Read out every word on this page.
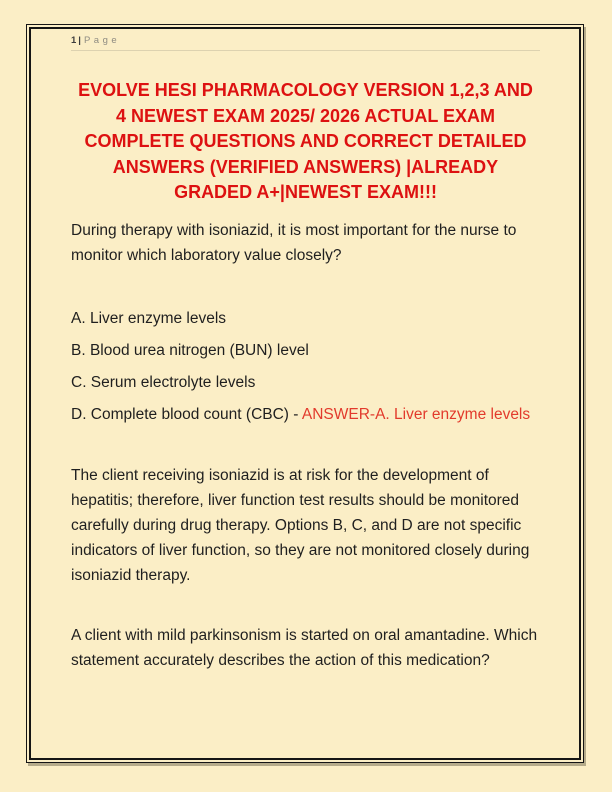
1 | Page
EVOLVE HESI PHARMACOLOGY VERSION 1,2,3 AND
4 NEWEST EXAM 2025/ 2026 ACTUAL EXAM
COMPLETE QUESTIONS AND CORRECT DETAILED
ANSWERS (VERIFIED ANSWERS) |ALREADY
GRADED A+|NEWEST EXAM!!!

During therapy with isoniazid, it is most important for the nurse to monitor which laboratory value closely?

A. Liver enzyme levels

B. Blood urea nitrogen (BUN) level

C. Serum electrolyte levels

D. Complete blood count (CBC) - ANSWER-A. Liver enzyme levels

The client receiving isoniazid is at risk for the development of hepatitis; therefore, liver function test results should be monitored carefully during drug therapy. Options B, C, and D are not specific indicators of liver function, so they are not monitored closely during isoniazid therapy.

A client with mild parkinsonism is started on oral amantadine. Which statement accurately describes the action of this medication?
